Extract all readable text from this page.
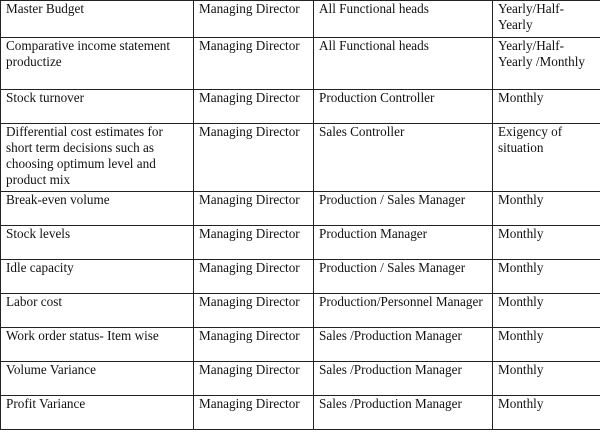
Master Budget	Managing Director	All Functional heads	Yearly/Half-Yearly
Comparative income statement productize	Managing Director	All Functional heads	Yearly/Half-Yearly /Monthly
Stock turnover	Managing Director	Production Controller	Monthly
Differential cost estimates for short term decisions such as choosing optimum level and product mix	Managing Director	Sales Controller	Exigency of situation
Break-even volume	Managing Director	Production / Sales Manager	Monthly
Stock levels	Managing Director	Production Manager	Monthly
Idle capacity	Managing Director	Production / Sales Manager	Monthly
Labor cost	Managing Director	Production/Personnel Manager	Monthly
Work order status- Item wise	Managing Director	Sales /Production Manager	Monthly
Volume Variance	Managing Director	Sales /Production Manager	Monthly
Profit Variance	Managing Director	Sales /Production Manager	Monthly
